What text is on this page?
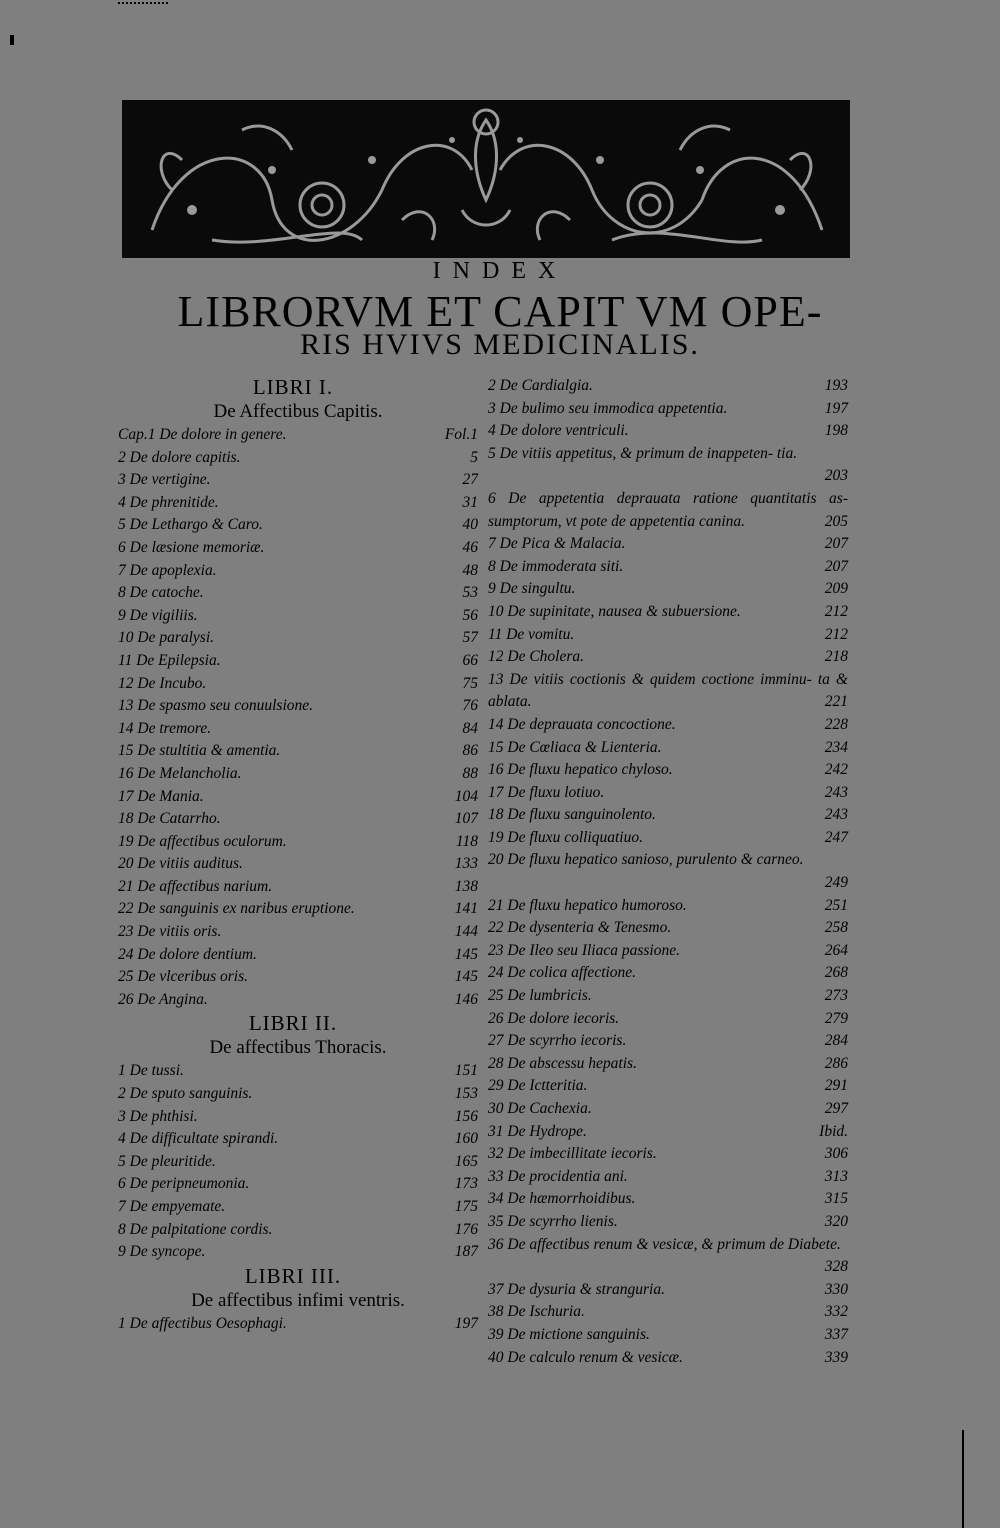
INDEX
LIBRORVM ET CAPIT VM OPE-
RIS HVIVS MEDICINALIS.
LIBRI I.
De Affectibus Capitis.
Cap.1 De dolore in genere.	Fol.1
2 De dolore capitis.	5
3 De vertigine.	27
4 De phrenitide.	31
5 De Lethargo & Caro.	40
6 De læsione memoriæ.	46
7 De apoplexia.	48
8 De catoche.	53
9 De vigiliis.	56
10 De paralysi.	57
11 De Epilepsia.	66
12 De Incubo.	75
13 De spasmo seu conuulsione.	76
14 De tremore.	84
15 De stultitia & amentia.	86
16 De Melancholia.	88
17 De Mania.	104
18 De Catarrho.	107
19 De affectibus oculorum.	118
20 De vitiis auditus.	133
21 De affectibus narium.	138
22 De sanguinis ex naribus eruptione.	141
23 De vitiis oris.	144
24 De dolore dentium.	145
25 De vlceribus oris.	145
26 De Angina.	146
LIBRI II.
De affectibus Thoracis.
1 De tussi.	151
2 De sputo sanguinis.	153
3 De phthisi.	156
4 De difficultate spirandi.	160
5 De pleuritide.	165
6 De peripneumonia.	173
7 De empyemate.	175
8 De palpitatione cordis.	176
9 De syncope.	187
LIBRI III.
De affectibus infimi ventris.
1 De affectibus Oesophagi.	197
2 De Cardialgia.	193
3 De bulimo seu immodica appetentia.	197
4 De dolore ventriculi.	198
5 De vitiis appetitus, & primum de inappeten- tia.
203
6 De appetentia deprauata ratione quantitatis as- sumptorum, vt pote de appetentia canina.	205
7 De Pica & Malacia.	207
8 De immoderata siti.	207
9 De singultu.	209
10 De supinitate, nausea & subuersione.	212
11 De vomitu.	212
12 De Cholera.	218
13 De vitiis coctionis & quidem coctione imminu- ta & ablata.	221
14 De deprauata concoctione.	228
15 De Cœliaca & Lienteria.	234
16 De fluxu hepatico chyloso.	242
17 De fluxu lotiuo.	243
18 De fluxu sanguinolento.	243
19 De fluxu colliquatiuo.	247
20 De fluxu hepatico sanioso, purulento & carneo.
249
21 De fluxu hepatico humoroso.	251
22 De dysenteria & Tenesmo.	258
23 De Ileo seu Iliaca passione.	264
24 De colica affectione.	268
25 De lumbricis.	273
26 De dolore iecoris.	279
27 De scyrrho iecoris.	284
28 De abscessu hepatis.	286
29 De Ictteritia.	291
30 De Cachexia.	297
31 De Hydrope.	Ibid.
32 De imbecillitate iecoris.	306
33 De procidentia ani.	313
34 De hæmorrhoidibus.	315
35 De scyrrho lienis.	320
36 De affectibus renum & vesicæ, & primum de Diabete.
328
37 De dysuria & stranguria.	330
38 De Ischuria.	332
39 De mictione sanguinis.	337
40 De calculo renum & vesicæ.	339
